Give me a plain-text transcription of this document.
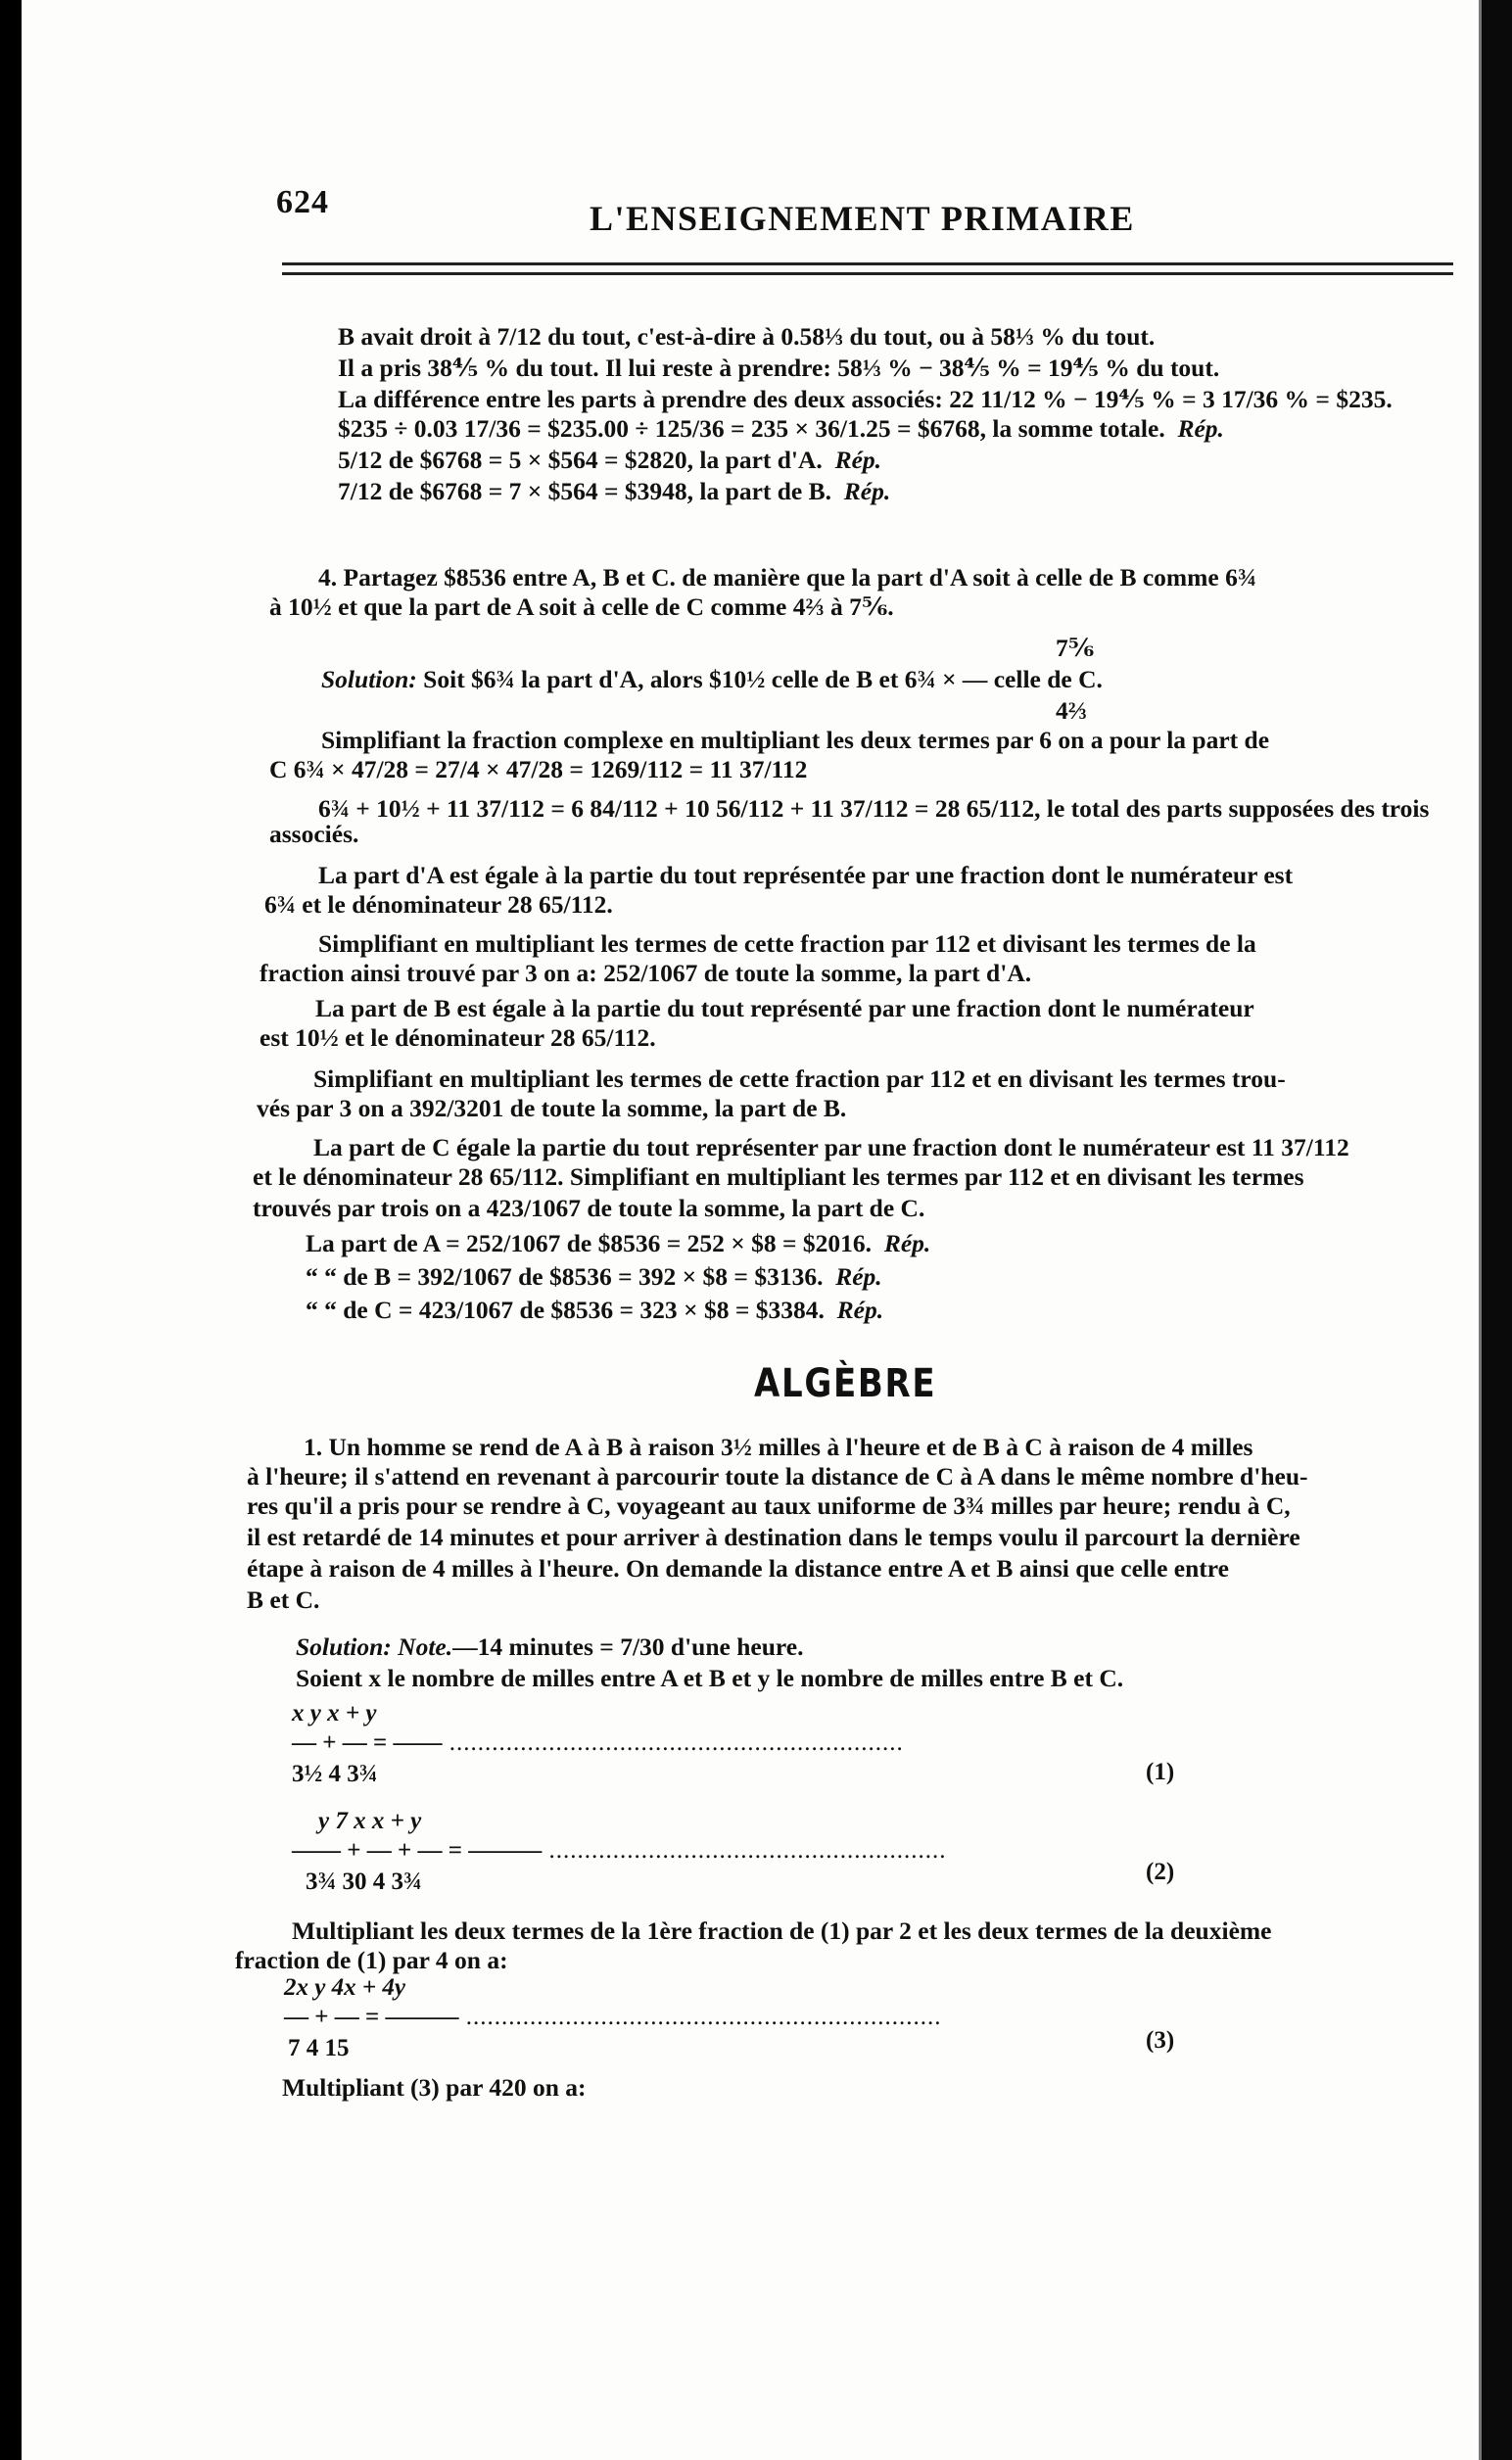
624	L'ENSEIGNEMENT PRIMAIRE
B avait droit à 7/12 du tout, c'est-à-dire à 0.58⅓ du tout, ou à 58⅓ % du tout.
Il a pris 38⅘ % du tout. Il lui reste à prendre: 58⅓ % − 38⅘ % = 19⅘ % du tout.
La différence entre les parts à prendre des deux associés: 22 11/12 % − 19⅘ % = 3 17/36 % = $235.
$235 ÷ 0.03 17/36 = $235.00 ÷ 125/36 = 235 × 36/1.25 = $6768, la somme totale. Rép.
5/12 de $6768 = 5 × $564 = $2820, la part d'A. Rép.
7/12 de $6768 = 7 × $564 = $3948, la part de B. Rép.
4. Partagez $8536 entre A, B et C. de manière que la part d'A soit à celle de B comme 6¾
à 10½ et que la part de A soit à celle de C comme 4⅔ à 7⅚.
7⅚
Solution: Soit $6¾ la part d'A, alors $10½ celle de B et 6¾ × — celle de C.
4⅔
Simplifiant la fraction complexe en multipliant les deux termes par 6 on a pour la part de
C 6¾ × 47/28 = 27/4 × 47/28 = 1269/112 = 11 37/112
6¾ + 10½ + 11 37/112 = 6 84/112 + 10 56/112 + 11 37/112 = 28 65/112, le total des parts supposées des trois
associés.
La part d'A est égale à la partie du tout représentée par une fraction dont le numérateur est
6¾ et le dénominateur 28 65/112.
Simplifiant en multipliant les termes de cette fraction par 112 et divisant les termes de la
fraction ainsi trouvé par 3 on a: 252/1067 de toute la somme, la part d'A.
La part de B est égale à la partie du tout représenté par une fraction dont le numérateur
est 10½ et le dénominateur 28 65/112.
Simplifiant en multipliant les termes de cette fraction par 112 et en divisant les termes trou-
vés par 3 on a 392/3201 de toute la somme, la part de B.
La part de C égale la partie du tout représenter par une fraction dont le numérateur est 11 37/112
et le dénominateur 28 65/112. Simplifiant en multipliant les termes par 112 et en divisant les termes
trouvés par trois on a 423/1067 de toute la somme, la part de C.
La part de A = 252/1067 de $8536 = 252 × $8 = $2016. Rép.
“ “ de B = 392/1067 de $8536 = 392 × $8 = $3136. Rép.
“ “ de C = 423/1067 de $8536 = 323 × $8 = $3384. Rép.
ALGÈBRE
1. Un homme se rend de A à B à raison 3½ milles à l'heure et de B à C à raison de 4 milles
à l'heure; il s'attend en revenant à parcourir toute la distance de C à A dans le même nombre d'heu-
res qu'il a pris pour se rendre à C, voyageant au taux uniforme de 3¾ milles par heure; rendu à C,
il est retardé de 14 minutes et pour arriver à destination dans le temps voulu il parcourt la dernière
étape à raison de 4 milles à l'heure. On demande la distance entre A et B ainsi que celle entre
B et C.
Solution: Note.—14 minutes = 7/30 d'une heure.
Soient x le nombre de milles entre A et B et y le nombre de milles entre B et C.
x y x + y
— + — = —— ................................................................
3½ 4 3¾	(1)
y 7 x x + y
—— + — + — = ——— ........................................................
3¾ 30 4 3¾	(2)
Multipliant les deux termes de la 1ère fraction de (1) par 2 et les deux termes de la deuxième
fraction de (1) par 4 on a:
2x y 4x + 4y
— + — = ——— ...................................................................
7 4 15	(3)
Multipliant (3) par 420 on a:
